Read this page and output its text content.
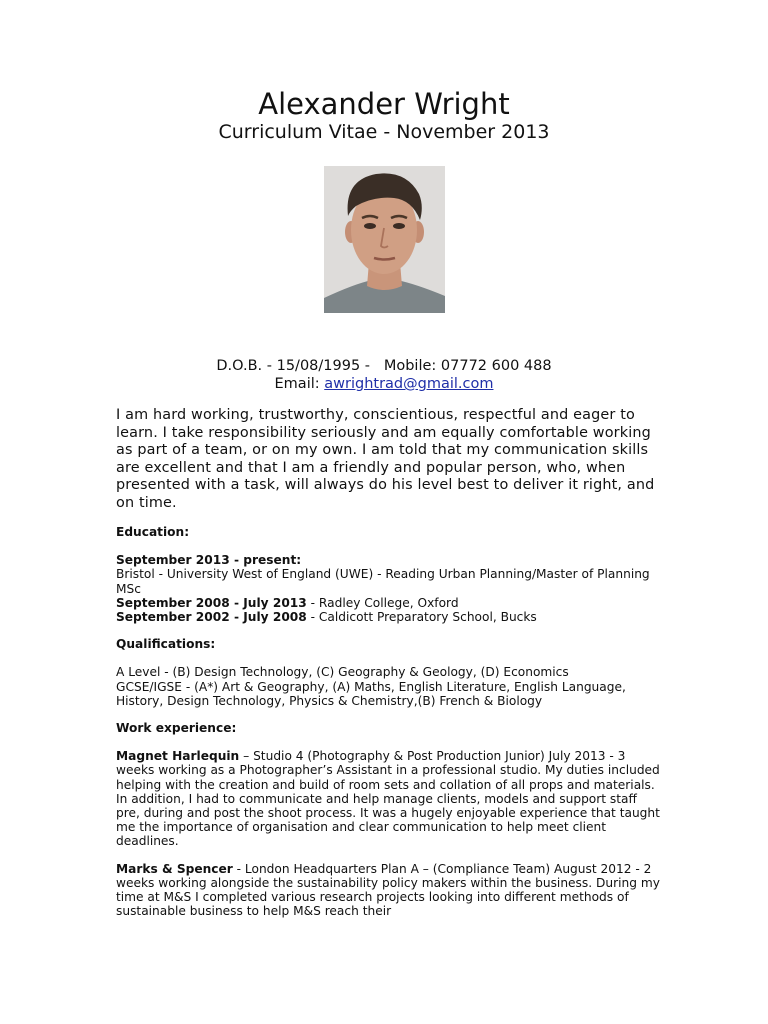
Alexander Wright
Curriculum Vitae - November 2013
D.O.B. - 15/08/1995 -   Mobile: 07772 600 488
Email: awrightrad@gmail.com

I am hard working, trustworthy, conscientious, respectful and eager to learn. I take responsibility seriously and am equally comfortable working as part of a team, or on my own. I am told that my communication skills are excellent and that I am a friendly and popular person, who, when presented with a task, will always do his level best to deliver it right, and on time.

Education:

September 2013 - present:

Bristol - University West of England (UWE) - Reading Urban Planning/Master of Planning MSc

September 2008 - July 2013 - Radley College, Oxford

September 2002 - July 2008 - Caldicott Preparatory School, Bucks

Qualifications:

A Level - (B) Design Technology, (C) Geography & Geology, (D) Economics

GCSE/IGSE - (A*) Art & Geography, (A) Maths, English Literature, English Language, History, Design Technology, Physics & Chemistry,(B) French & Biology

Work experience:

Magnet Harlequin – Studio 4 (Photography & Post Production Junior) July 2013 - 3 weeks working as a Photographer’s Assistant in a professional studio. My duties included helping with the creation and build of room sets and collation of all props and materials. In addition, I had to communicate and help manage clients, models and support staff pre, during and post the shoot process. It was a hugely enjoyable experience that taught me the importance of organisation and clear communication to help meet client deadlines.

Marks & Spencer - London Headquarters Plan A – (Compliance Team) August 2012 - 2 weeks working alongside the sustainability policy makers within the business. During my time at M&S I completed various research projects looking into different methods of sustainable business to help M&S reach their
